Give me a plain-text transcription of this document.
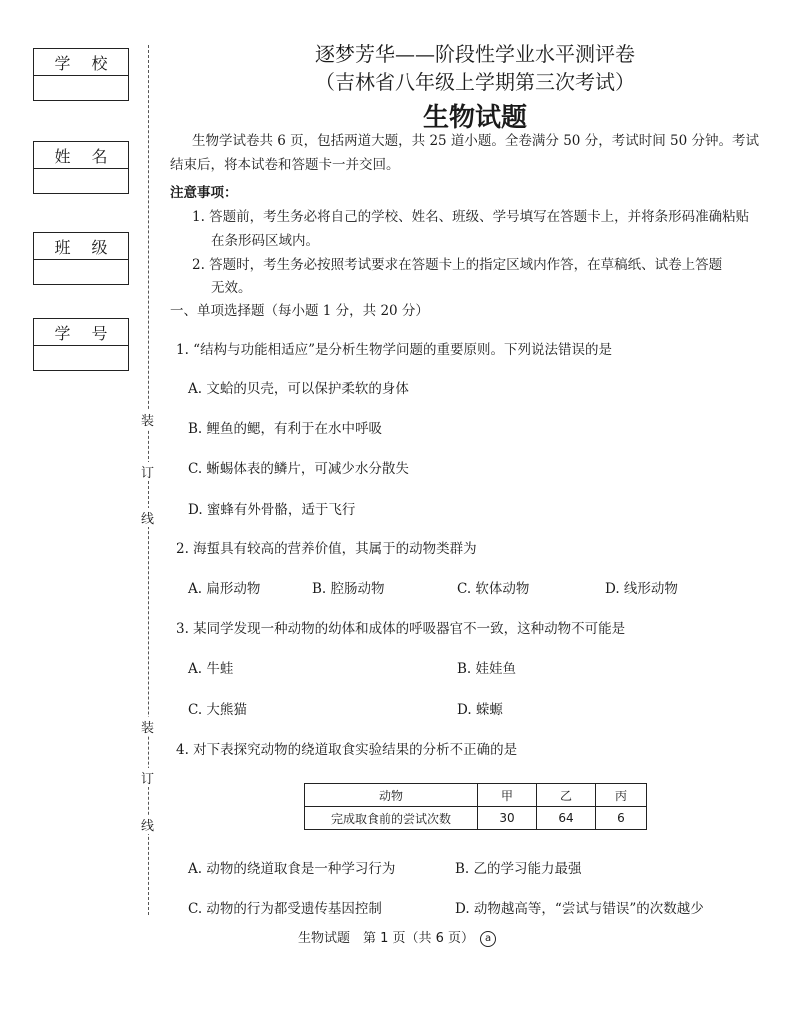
学 校
姓 名
班 级
学 号
装
订
线
装
订
线
逐梦芳华——阶段性学业水平测评卷
（吉林省八年级上学期第三次考试）
生物试题
生物学试卷共 6 页，包括两道大题，共 25 道小题。全卷满分 50 分，考试时间 50 分钟。考试
结束后，将本试卷和答题卡一并交回。
注意事项：
1. 答题前，考生务必将自己的学校、姓名、班级、学号填写在答题卡上，并将条形码准确粘贴
在条形码区域内。
2. 答题时，考生务必按照考试要求在答题卡上的指定区域内作答，在草稿纸、试卷上答题
无效。
一、单项选择题（每小题 1 分，共 20 分）
1. “结构与功能相适应”是分析生物学问题的重要原则。下列说法错误的是
A. 文蛤的贝壳，可以保护柔软的身体
B. 鲤鱼的鳃，有利于在水中呼吸
C. 蜥蜴体表的鳞片，可减少水分散失
D. 蜜蜂有外骨骼，适于飞行
2. 海蜇具有较高的营养价值，其属于的动物类群为
A. 扁形动物	B. 腔肠动物	C. 软体动物	D. 线形动物
3. 某同学发现一种动物的幼体和成体的呼吸器官不一致，这种动物不可能是
A. 牛蛙	B. 娃娃鱼
C. 大熊猫	D. 蝾螈
4. 对下表探究动物的绕道取食实验结果的分析不正确的是
动物	甲	乙	丙
完成取食前的尝试次数	30	64	6
A. 动物的绕道取食是一种学习行为	B. 乙的学习能力最强
C. 动物的行为都受遗传基因控制	D. 动物越高等，“尝试与错误”的次数越少
生物试题　第 1 页（共 6 页） a
